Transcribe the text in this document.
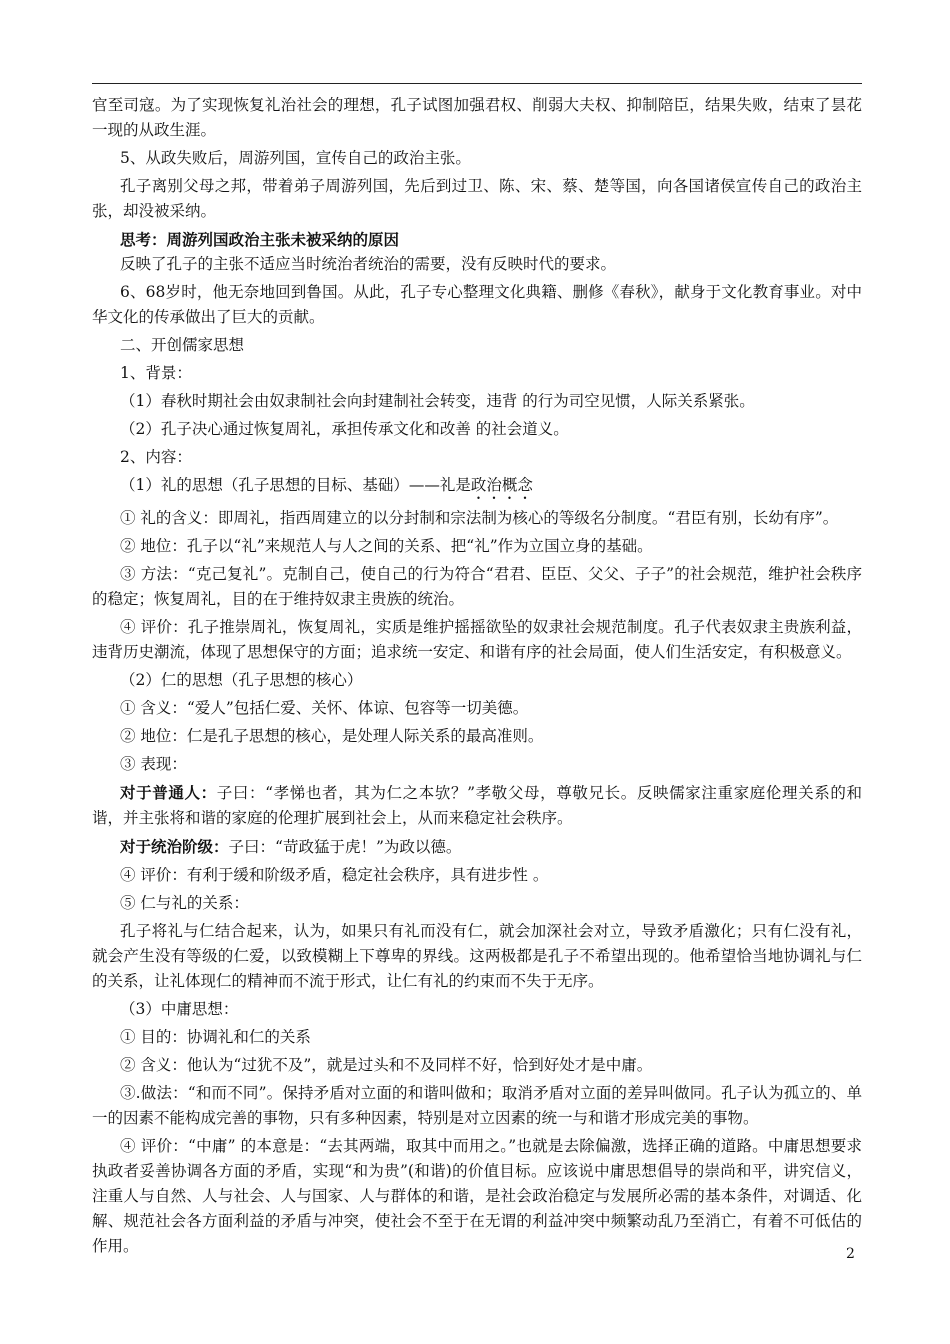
官至司寇。为了实现恢复礼治社会的理想，孔子试图加强君权、削弱大夫权、抑制陪臣，结果失败，结束了昙花一现的从政生涯。

5、从政失败后，周游列国，宣传自己的政治主张。

孔子离别父母之邦，带着弟子周游列国，先后到过卫、陈、宋、蔡、楚等国，向各国诸侯宣传自己的政治主张，却没被采纳。

思考：周游列国政治主张未被采纳的原因

反映了孔子的主张不适应当时统治者统治的需要，没有反映时代的要求。

6、68岁时，他无奈地回到鲁国。从此，孔子专心整理文化典籍、删修《春秋》，献身于文化教育事业。对中华文化的传承做出了巨大的贡献。

二、开创儒家思想

1、背景：

（1）春秋时期社会由奴隶制社会向封建制社会转变，违背 的行为司空见惯，人际关系紧张。

（2）孔子决心通过恢复周礼，承担传承文化和改善 的社会道义。

2、内容：

（1）礼的思想（孔子思想的目标、基础）——礼是政治概念

① 礼的含义：即周礼，指西周建立的以分封制和宗法制为核心的等级名分制度。“君臣有别，长幼有序”。

② 地位：孔子以“礼”来规范人与人之间的关系、把“礼”作为立国立身的基础。

③ 方法：“克己复礼”。克制自己，使自己的行为符合“君君、臣臣、父父、子子”的社会规范，维护社会秩序的稳定；恢复周礼，目的在于维持奴隶主贵族的统治。

④ 评价：孔子推崇周礼，恢复周礼，实质是维护摇摇欲坠的奴隶社会规范制度。孔子代表奴隶主贵族利益，违背历史潮流，体现了思想保守的方面；追求统一安定、和谐有序的社会局面，使人们生活安定，有积极意义。

（2）仁的思想（孔子思想的核心）

① 含义：“爱人”包括仁爱、关怀、体谅、包容等一切美德。

② 地位：仁是孔子思想的核心，是处理人际关系的最高准则。

③ 表现：

对于普通人：子曰：“孝悌也者，其为仁之本欤？”孝敬父母，尊敬兄长。反映儒家注重家庭伦理关系的和谐，并主张将和谐的家庭的伦理扩展到社会上，从而来稳定社会秩序。

对于统治阶级：子曰：“苛政猛于虎！”为政以德。

④ 评价：有利于缓和阶级矛盾，稳定社会秩序，具有进步性 。

⑤ 仁与礼的关系：

孔子将礼与仁结合起来，认为，如果只有礼而没有仁，就会加深社会对立，导致矛盾激化；只有仁没有礼，就会产生没有等级的仁爱，以致模糊上下尊卑的界线。这两极都是孔子不希望出现的。他希望恰当地协调礼与仁的关系，让礼体现仁的精神而不流于形式，让仁有礼的约束而不失于无序。

（3）中庸思想：

① 目的：协调礼和仁的关系

② 含义：他认为“过犹不及”，就是过头和不及同样不好，恰到好处才是中庸。

③.做法：“和而不同”。保持矛盾对立面的和谐叫做和；取消矛盾对立面的差异叫做同。孔子认为孤立的、单一的因素不能构成完善的事物，只有多种因素，特别是对立因素的统一与和谐才形成完美的事物。

④ 评价：“中庸” 的本意是：“去其两端，取其中而用之。”也就是去除偏激，选择正确的道路。中庸思想要求执政者妥善协调各方面的矛盾，实现“和为贵”(和谐)的价值目标。应该说中庸思想倡导的崇尚和平，讲究信义，注重人与自然、人与社会、人与国家、人与群体的和谐，是社会政治稳定与发展所必需的基本条件，对调适、化解、规范社会各方面利益的矛盾与冲突，使社会不至于在无谓的利益冲突中频繁动乱乃至消亡，有着不可低估的作用。	2
